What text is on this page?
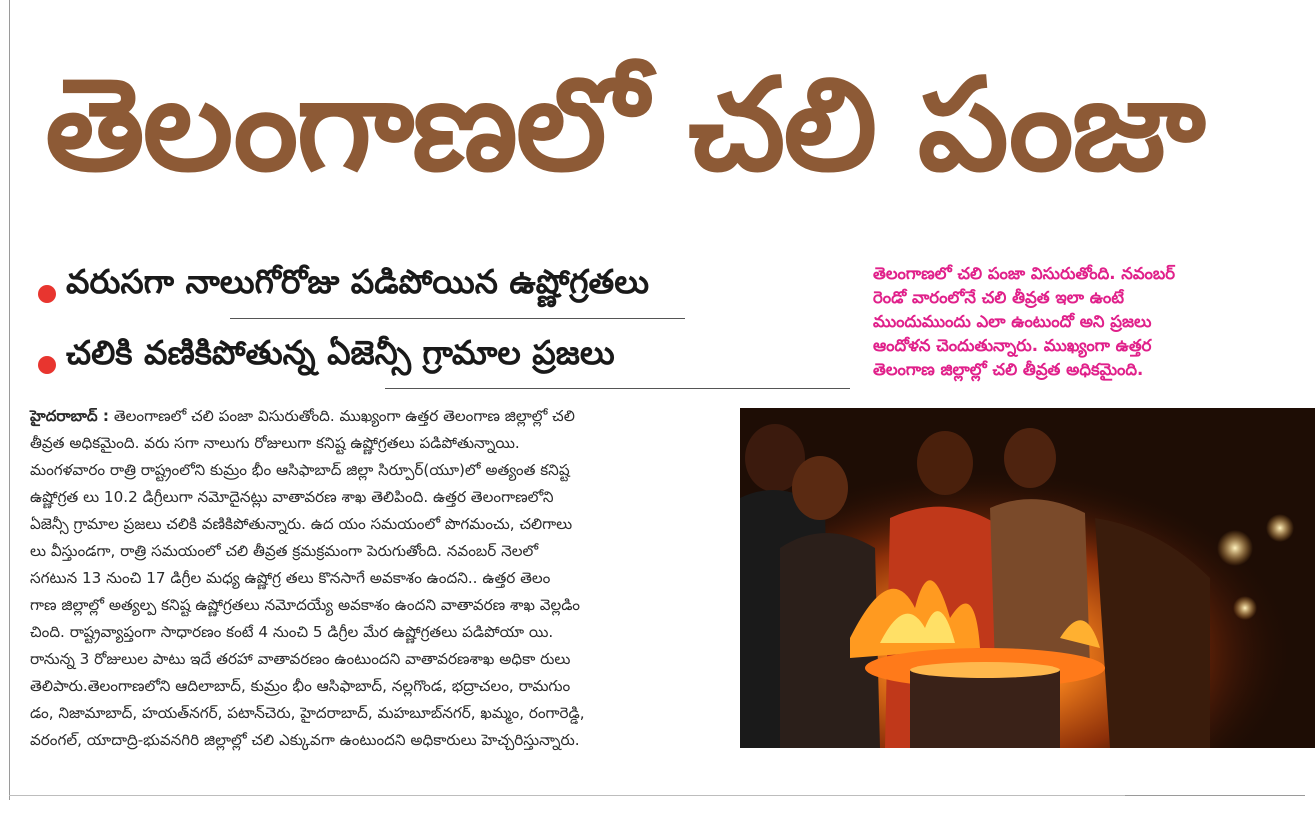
తెలంగాణలో చలి పంజా
వరుసగా నాలుగోరోజు పడిపోయిన ఉష్ణోగ్రతలు
చలికి వణికిపోతున్న ఏజెన్సీ గ్రామాల ప్రజలు

తెలంగాణలో చలి పంజా విసురుతోంది. నవంబర్

రెండో వారంలోనే చలి తీవ్రత ఇలా ఉంటే

ముందుముందు ఎలా ఉంటుందో అని ప్రజలు

ఆందోళన చెందుతున్నారు. ముఖ్యంగా ఉత్తర

తెలంగాణ జిల్లాల్లో చలి తీవ్రత అధికమైంది.

హైదరాబాద్ : తెలంగాణలో చలి పంజా విసురుతోంది. ముఖ్యంగా ఉత్తర తెలంగాణ జిల్లాల్లో చలి

తీవ్రత అధికమైంది. వరు సగా నాలుగు రోజులుగా కనిష్ట ఉష్ణోగ్రతలు పడిపోతున్నాయి.

మంగళవారం రాత్రి రాష్ట్రంలోని కుమ్రం భీం ఆసిఫాబాద్ జిల్లా సిర్పూర్(యూ)లో అత్యంత కనిష్ట

ఉష్ణోగ్రత లు 10.2 డిగ్రీలుగా నమోదైనట్లు వాతావరణ శాఖ తెలిపింది. ఉత్తర తెలంగాణలోని

ఏజెన్సీ గ్రామాల ప్రజలు చలికి వణికిపోతున్నారు. ఉద యం సమయంలో పొగమంచు, చలిగాలు

లు వీస్తుండగా, రాత్రి సమయంలో చలి తీవ్రత క్రమక్రమంగా పెరుగుతోంది. నవంబర్ నెలలో

సగటున 13 నుంచి 17 డిగ్రీల మధ్య ఉష్ణోగ్ర తలు కొనసాగే అవకాశం ఉందని.. ఉత్తర తెలం

గాణ జిల్లాల్లో అత్యల్ప కనిష్ట ఉష్ణోగ్రతలు నమోదయ్యే అవకాశం ఉందని వాతావరణ శాఖ వెల్లడిం

చింది. రాష్ట్రవ్యాప్తంగా సాధారణం కంటే 4 నుంచి 5 డిగ్రీల మేర ఉష్ణోగ్రతలు పడిపోయా యి.

రానున్న 3 రోజులుల పాటు ఇదే తరహా వాతావరణం ఉంటుందని వాతావరణశాఖ అధికా రులు

తెలిపారు.తెలంగాణలోని ఆదిలాబాద్, కుమ్రం భీం ఆసిఫాబాద్, నల్లగొండ, భద్రాచలం, రామగుం

డం, నిజామాబాద్, హయత్‌నగర్, పటాన్‌చెరు, హైదరాబాద్, మహబూబ్‌నగర్, ఖమ్మం, రంగారెడ్డి,

వరంగల్, యాదాద్రి-భువనగిరి జిల్లాల్లో చలి ఎక్కువగా ఉంటుందని అధికారులు హెచ్చరిస్తున్నారు.
